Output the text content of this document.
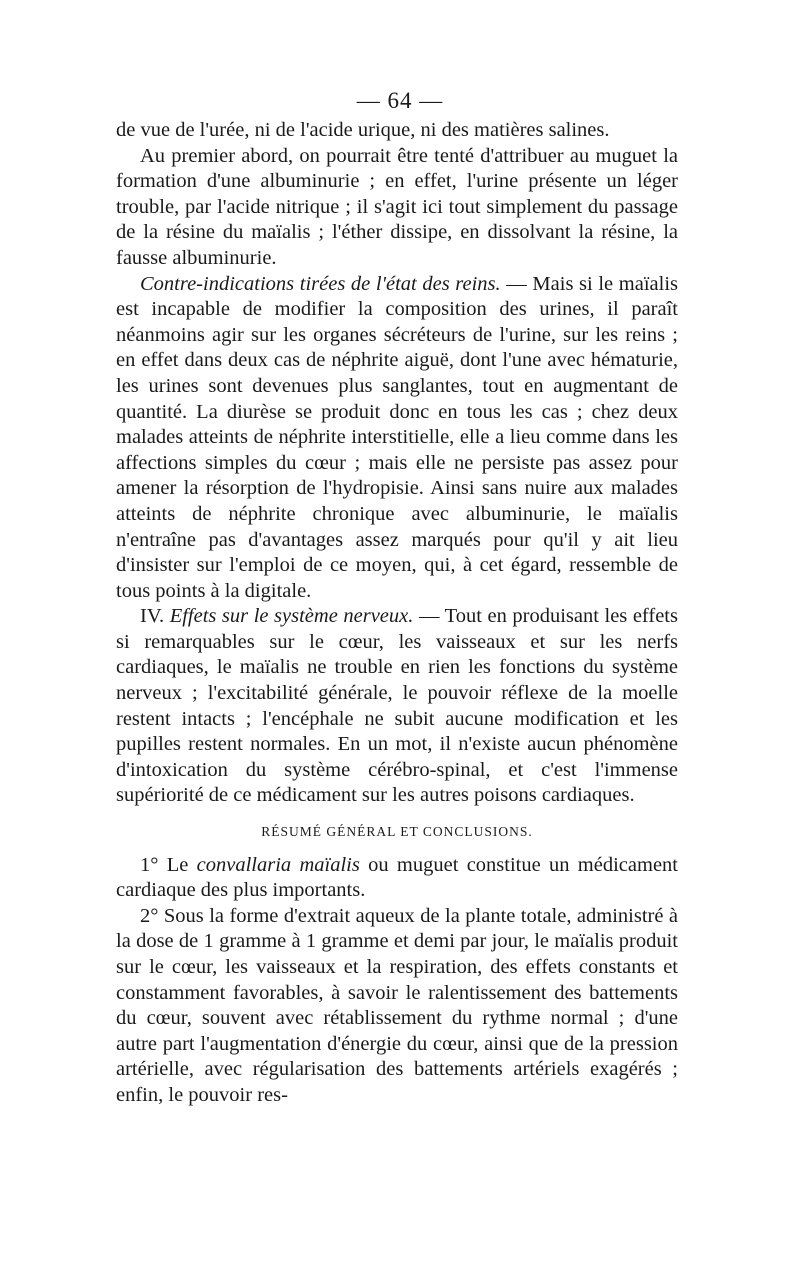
— 64 —

de vue de l'urée, ni de l'acide urique, ni des matières salines.

Au premier abord, on pourrait être tenté d'attribuer au muguet la formation d'une albuminurie ; en effet, l'urine présente un léger trouble, par l'acide nitrique ; il s'agit ici tout simplement du passage de la résine du maïalis ; l'éther dissipe, en dissolvant la résine, la fausse albuminurie.

Contre-indications tirées de l'état des reins. — Mais si le maïalis est incapable de modifier la composition des urines, il paraît néanmoins agir sur les organes sécréteurs de l'urine, sur les reins ; en effet dans deux cas de néphrite aiguë, dont l'une avec hématurie, les urines sont devenues plus sanglantes, tout en augmentant de quantité. La diurèse se produit donc en tous les cas ; chez deux malades atteints de néphrite interstitielle, elle a lieu comme dans les affections simples du cœur ; mais elle ne persiste pas assez pour amener la résorption de l'hydropisie. Ainsi sans nuire aux malades atteints de néphrite chronique avec albuminurie, le maïalis n'entraîne pas d'avantages assez marqués pour qu'il y ait lieu d'insister sur l'emploi de ce moyen, qui, à cet égard, ressemble de tous points à la digitale.

IV. Effets sur le système nerveux. — Tout en produisant les effets si remarquables sur le cœur, les vaisseaux et sur les nerfs cardiaques, le maïalis ne trouble en rien les fonctions du système nerveux ; l'excitabilité générale, le pouvoir réflexe de la moelle restent intacts ; l'encéphale ne subit aucune modification et les pupilles restent normales. En un mot, il n'existe aucun phénomène d'intoxication du système cérébro-spinal, et c'est l'immense supériorité de ce médicament sur les autres poisons cardiaques.

RÉSUMÉ GÉNÉRAL ET CONCLUSIONS.

1° Le convallaria maïalis ou muguet constitue un médicament cardiaque des plus importants.

2° Sous la forme d'extrait aqueux de la plante totale, administré à la dose de 1 gramme à 1 gramme et demi par jour, le maïalis produit sur le cœur, les vaisseaux et la respiration, des effets constants et constamment favorables, à savoir le ralentissement des battements du cœur, souvent avec rétablissement du rythme normal ; d'une autre part l'augmentation d'énergie du cœur, ainsi que de la pression artérielle, avec régularisation des battements artériels exagérés ; enfin, le pouvoir res-
